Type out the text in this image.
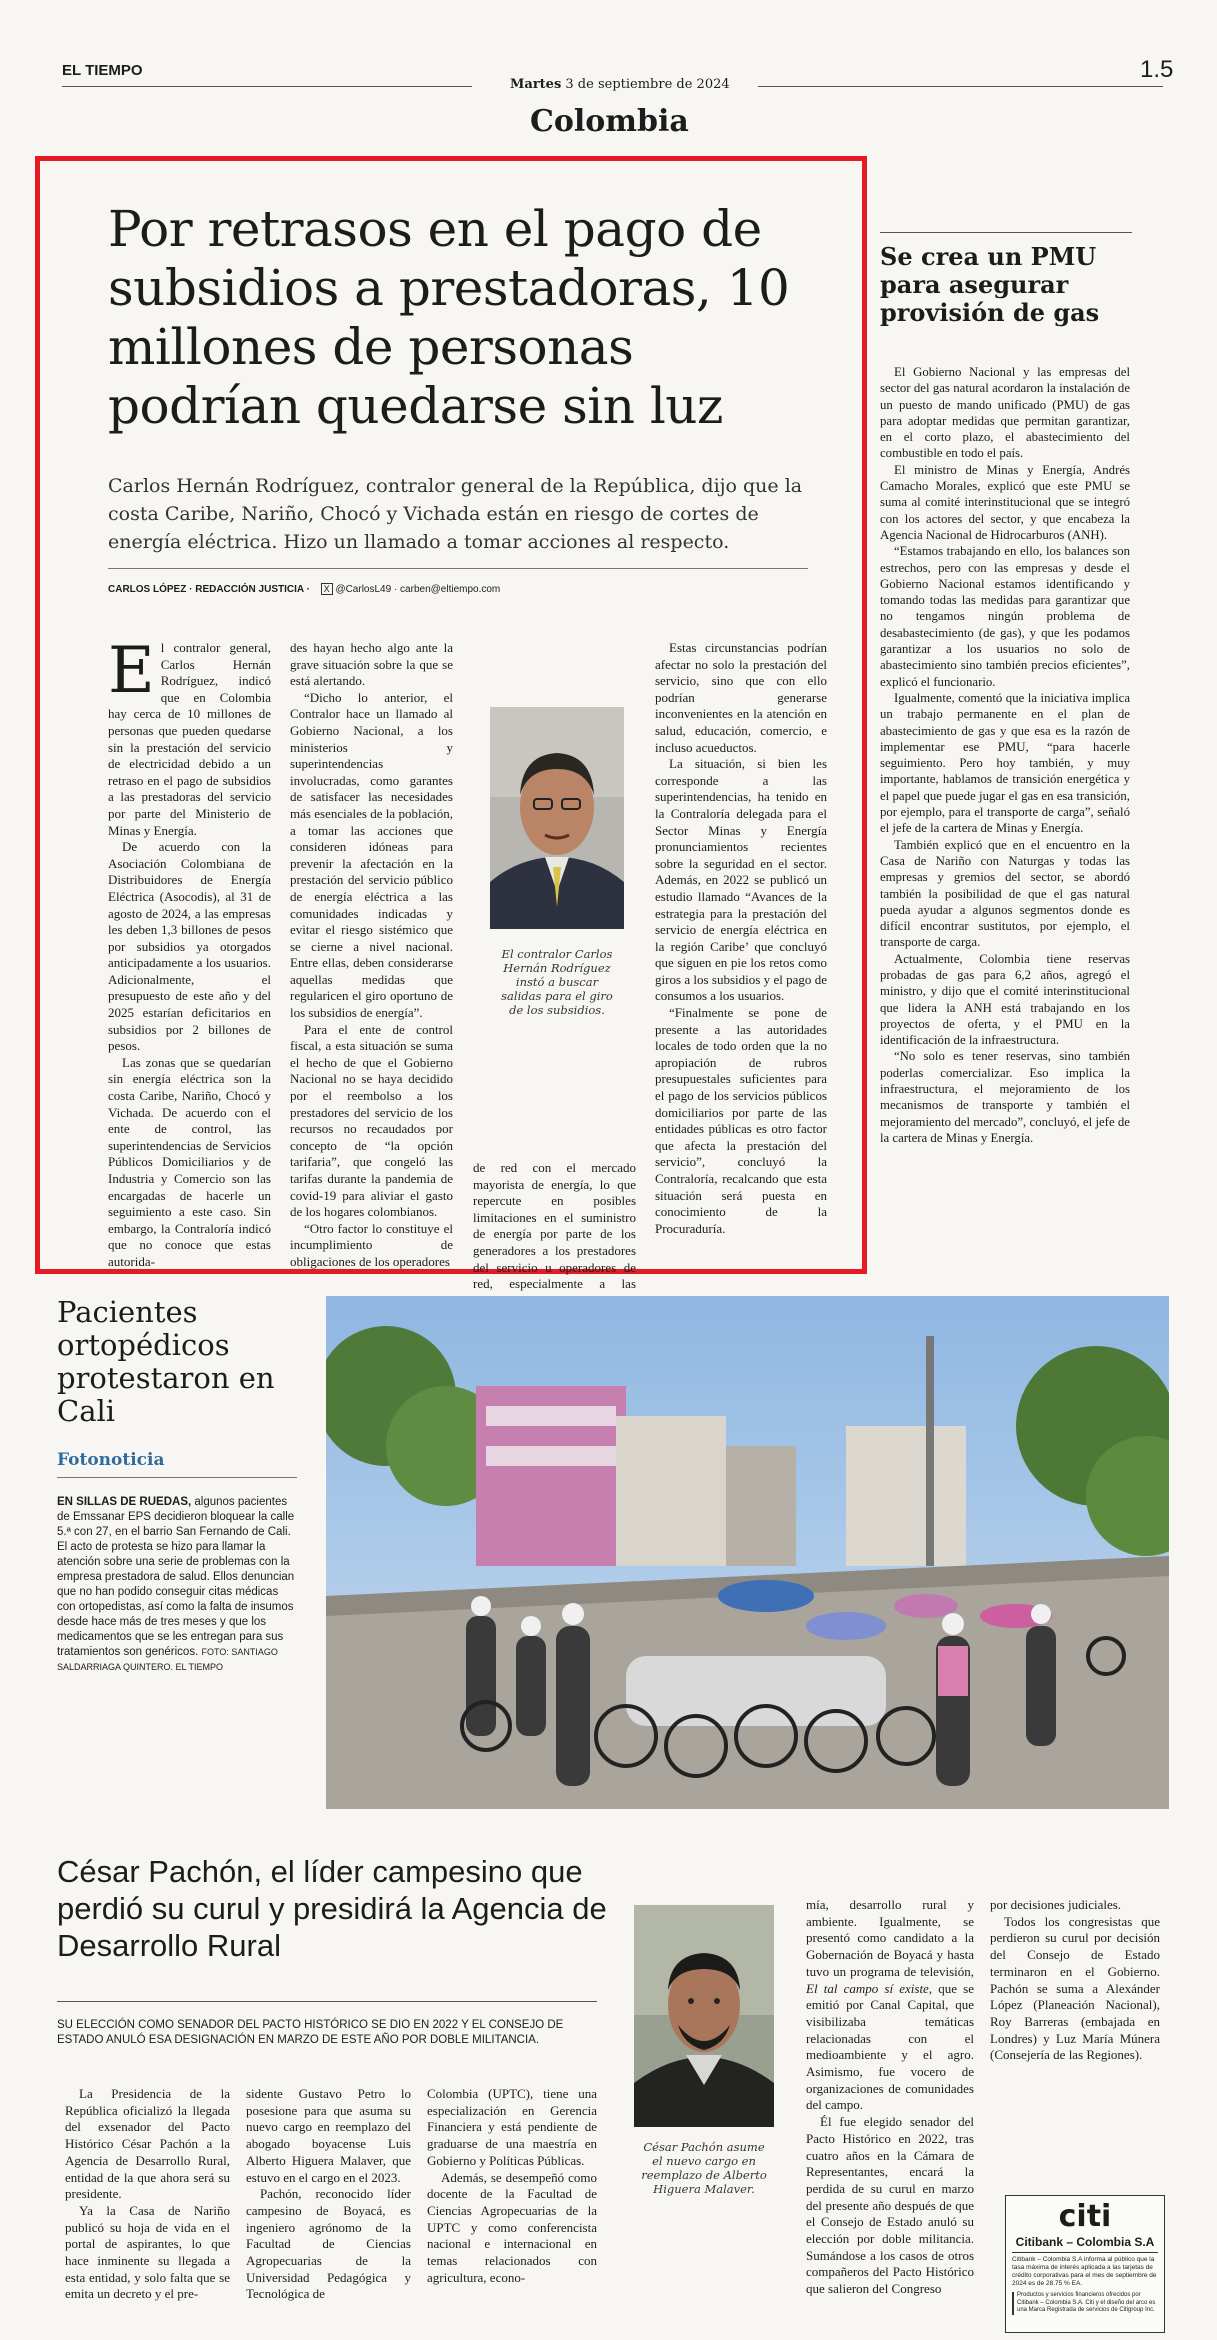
EL TIEMPO
Martes 3 de septiembre de 2024
1.5
Colombia
Por retrasos en el pago de subsidios a prestadoras, 10 millones de personas podrían quedarse sin luz
Carlos Hernán Rodríguez, contralor general de la República, dijo que la costa Caribe, Nariño, Chocó y Vichada están en riesgo de cortes de energía eléctrica. Hizo un llamado a tomar acciones al respecto.
CARLOS LÓPEZ · REDACCIÓN JUSTICIA · X @CarlosL49 · carben@eltiempo.com
E l contralor general, Carlos Hernán Rodríguez, indicó que en Colombia hay cerca de 10 millones de personas que pueden quedarse sin la prestación del servicio de electricidad debido a un retraso en el pago de subsidios a las prestadoras del servicio por parte del Ministerio de Minas y Energía.

De acuerdo con la Asociación Colombiana de Distribuidores de Energía Eléctrica (Asocodis), al 31 de agosto de 2024, a las empresas les deben 1,3 billones de pesos por subsidios ya otorgados anticipadamente a los usuarios. Adicionalmente, el presupuesto de este año y del 2025 estarían deficitarios en subsidios por 2 billones de pesos.

Las zonas que se quedarían sin energía eléctrica son la costa Caribe, Nariño, Chocó y Vichada. De acuerdo con el ente de control, las superintendencias de Servicios Públicos Domiciliarios y de Industria y Comercio son las encargadas de hacerle un seguimiento a este caso. Sin embargo, la Contraloría indicó que no conoce que estas autorida-

des hayan hecho algo ante la grave situación sobre la que se está alertando.

“Dicho lo anterior, el Contralor hace un llamado al Gobierno Nacional, a los ministerios y superintendencias involucradas, como garantes de satisfacer las necesidades más esenciales de la población, a tomar las acciones que consideren idóneas para prevenir la afectación en la prestación del servicio público de energía eléctrica a las comunidades indicadas y evitar el riesgo sistémico que se cierne a nivel nacional. Entre ellas, deben considerarse aquellas medidas que regularicen el giro oportuno de los subsidios de energía”.

Para el ente de control fiscal, a esta situación se suma el hecho de que el Gobierno Nacional no se haya decidido por el reembolso a los prestadores del servicio de los recursos no recaudados por concepto de “la opción tarifaria”, que congeló las tarifas durante la pandemia de covid-19 para aliviar el gasto de los hogares colombianos.

“Otro factor lo constituye el incumplimiento de obligaciones de los operadores

El contralor Carlos Hernán Rodríguez instó a buscar salidas para el giro de los subsidios.

de red con el mercado mayorista de energía, lo que repercute en posibles limitaciones en el suministro de energía por parte de los generadores a los prestadores del servicio u operadores de red, especialmente a las

Estas circunstancias podrían afectar no solo la prestación del servicio, sino que con ello podrían generarse inconvenientes en la atención en salud, educación, comercio, e incluso acueductos.

La situación, si bien les corresponde a las superintendencias, ha tenido en la Contraloría delegada para el Sector Minas y Energía pronunciamientos recientes sobre la seguridad en el sector. Además, en 2022 se publicó un estudio llamado “Avances de la estrategia para la prestación del servicio de energía eléctrica en la región Caribe’ que concluyó que siguen en pie los retos como giros a los subsidios y el pago de consumos a los usuarios.

“Finalmente se pone de presente a las autoridades locales de todo orden que la no apropiación de rubros presupuestales suficientes para el pago de los servicios públicos domiciliarios por parte de las entidades públicas es otro factor que afecta la prestación del servicio”, concluyó la Contraloría, recalcando que esta situación será puesta en conocimiento de la Procuraduría.

Se crea un PMU para asegurar provisión de gas

El Gobierno Nacional y las empresas del sector del gas natural acordaron la instalación de un puesto de mando unificado (PMU) de gas para adoptar medidas que permitan garantizar, en el corto plazo, el abastecimiento del combustible en todo el país.

El ministro de Minas y Energía, Andrés Camacho Morales, explicó que este PMU se suma al comité interinstitucional que se integró con los actores del sector, y que encabeza la Agencia Nacional de Hidrocarburos (ANH).

“Estamos trabajando en ello, los balances son estrechos, pero con las empresas y desde el Gobierno Nacional estamos identificando y tomando todas las medidas para garantizar que no tengamos ningún problema de desabastecimiento (de gas), y que les podamos garantizar a los usuarios no solo de abastecimiento sino también precios eficientes”, explicó el funcionario.

Igualmente, comentó que la iniciativa implica un trabajo permanente en el plan de abastecimiento de gas y que esa es la razón de implementar ese PMU, “para hacerle seguimiento. Pero hoy también, y muy importante, hablamos de transición energética y el papel que puede jugar el gas en esa transición, por ejemplo, para el transporte de carga”, señaló el jefe de la cartera de Minas y Energía.

También explicó que en el encuentro en la Casa de Nariño con Naturgas y todas las empresas y gremios del sector, se abordó también la posibilidad de que el gas natural pueda ayudar a algunos segmentos donde es difícil encontrar sustitutos, por ejemplo, el transporte de carga.

Actualmente, Colombia tiene reservas probadas de gas para 6,2 años, agregó el ministro, y dijo que el comité interinstitucional que lidera la ANH está trabajando en los proyectos de oferta, y el PMU en la identificación de la infraestructura.

“No solo es tener reservas, sino también poderlas comercializar. Eso implica la infraestructura, el mejoramiento de los mecanismos de transporte y también el mejoramiento del mercado”, concluyó, el jefe de la cartera de Minas y Energía.

Pacientes ortopédicos protestaron en Cali
Fotonoticia
EN SILLAS DE RUEDAS, algunos pacientes de Emssanar EPS decidieron bloquear la calle 5.ª con 27, en el barrio San Fernando de Cali. El acto de protesta se hizo para llamar la atención sobre una serie de problemas con la empresa prestadora de salud. Ellos denuncian que no han podido conseguir citas médicas con ortopedistas, así como la falta de insumos desde hace más de tres meses y que los medicamentos que se les entregan para sus tratamientos son genéricos. FOTO: SANTIAGO SALDARRIAGA QUINTERO. EL TIEMPO
César Pachón, el líder campesino que perdió su curul y presidirá la Agencia de Desarrollo Rural
SU ELECCIÓN COMO SENADOR DEL PACTO HISTÓRICO SE DIO EN 2022 Y EL CONSEJO DE ESTADO ANULÓ ESA DESIGNACIÓN EN MARZO DE ESTE AÑO POR DOBLE MILITANCIA.

La Presidencia de la República oficializó la llegada del exsenador del Pacto Histórico César Pachón a la Agencia de Desarrollo Rural, entidad de la que ahora será su presidente.

Ya la Casa de Nariño publicó su hoja de vida en el portal de aspirantes, lo que hace inminente su llegada a esta entidad, y solo falta que se emita un decreto y el pre-

sidente Gustavo Petro lo posesione para que asuma su nuevo cargo en reemplazo del abogado boyacense Luis Alberto Higuera Malaver, que estuvo en el cargo en el 2023.

Pachón, reconocido líder campesino de Boyacá, es ingeniero agrónomo de la Facultad de Ciencias Agropecuarias de la Universidad Pedagógica y Tecnológica de

Colombia (UPTC), tiene una especialización en Gerencia Financiera y está pendiente de graduarse de una maestría en Gobierno y Políticas Públicas.

Además, se desempeñó como docente de la Facultad de Ciencias Agropecuarias de la UPTC y como conferencista nacional e internacional en temas relacionados con agricultura, econo-

César Pachón asume el nuevo cargo en reemplazo de Alberto Higuera Malaver.

mía, desarrollo rural y ambiente. Igualmente, se presentó como candidato a la Gobernación de Boyacá y hasta tuvo un programa de televisión, El tal campo sí existe, que se emitió por Canal Capital, que visibilizaba temáticas relacionadas con el medioambiente y el agro. Asimismo, fue vocero de organizaciones de comunidades del campo.

Él fue elegido senador del Pacto Histórico en 2022, tras cuatro años en la Cámara de Representantes, encará la perdida de su curul en marzo del presente año después de que el Consejo de Estado anuló su elección por doble militancia. Sumándose a los casos de otros compañeros del Pacto Histórico que salieron del Congreso

por decisiones judiciales.

Todos los congresistas que perdieron su curul por decisión del Consejo de Estado terminaron en el Gobierno. Pachón se suma a Alexánder López (Planeación Nacional), Roy Barreras (embajada en Londres) y Luz María Múnera (Consejería de las Regiones).

citi
Citibank – Colombia S.A
Citibank – Colombia S.A informa al público que la tasa máxima de interés aplicada a las tarjetas de crédito corporativas para el mes de septiembre de 2024 es de 28.75 % EA.
Productos y servicios financieros ofrecidos por Citibank – Colombia S.A. Citi y el diseño del arco es una Marca Registrada de servicios de Citigroup Inc.
